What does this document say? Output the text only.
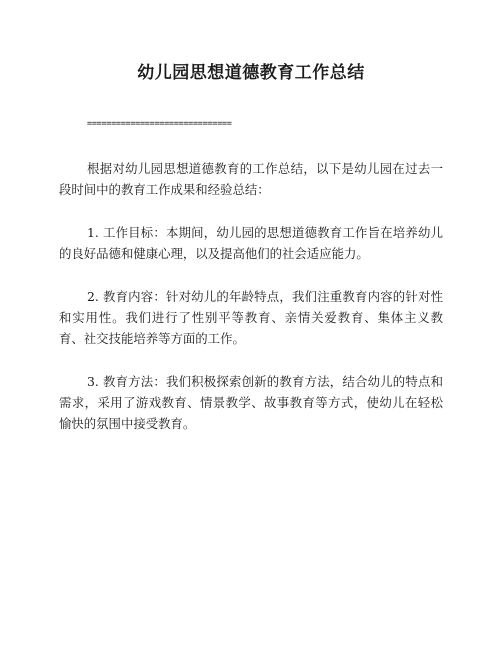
幼儿园思想道德教育工作总结
==============================

根据对幼儿园思想道德教育的工作总结，以下是幼儿园在过去一段时间中的教育工作成果和经验总结：

1. 工作目标：本期间，幼儿园的思想道德教育工作旨在培养幼儿的良好品德和健康心理，以及提高他们的社会适应能力。

2. 教育内容：针对幼儿的年龄特点，我们注重教育内容的针对性和实用性。我们进行了性别平等教育、亲情关爱教育、集体主义教育、社交技能培养等方面的工作。

3. 教育方法：我们积极探索创新的教育方法，结合幼儿的特点和需求，采用了游戏教育、情景教学、故事教育等方式，使幼儿在轻松愉快的氛围中接受教育。
